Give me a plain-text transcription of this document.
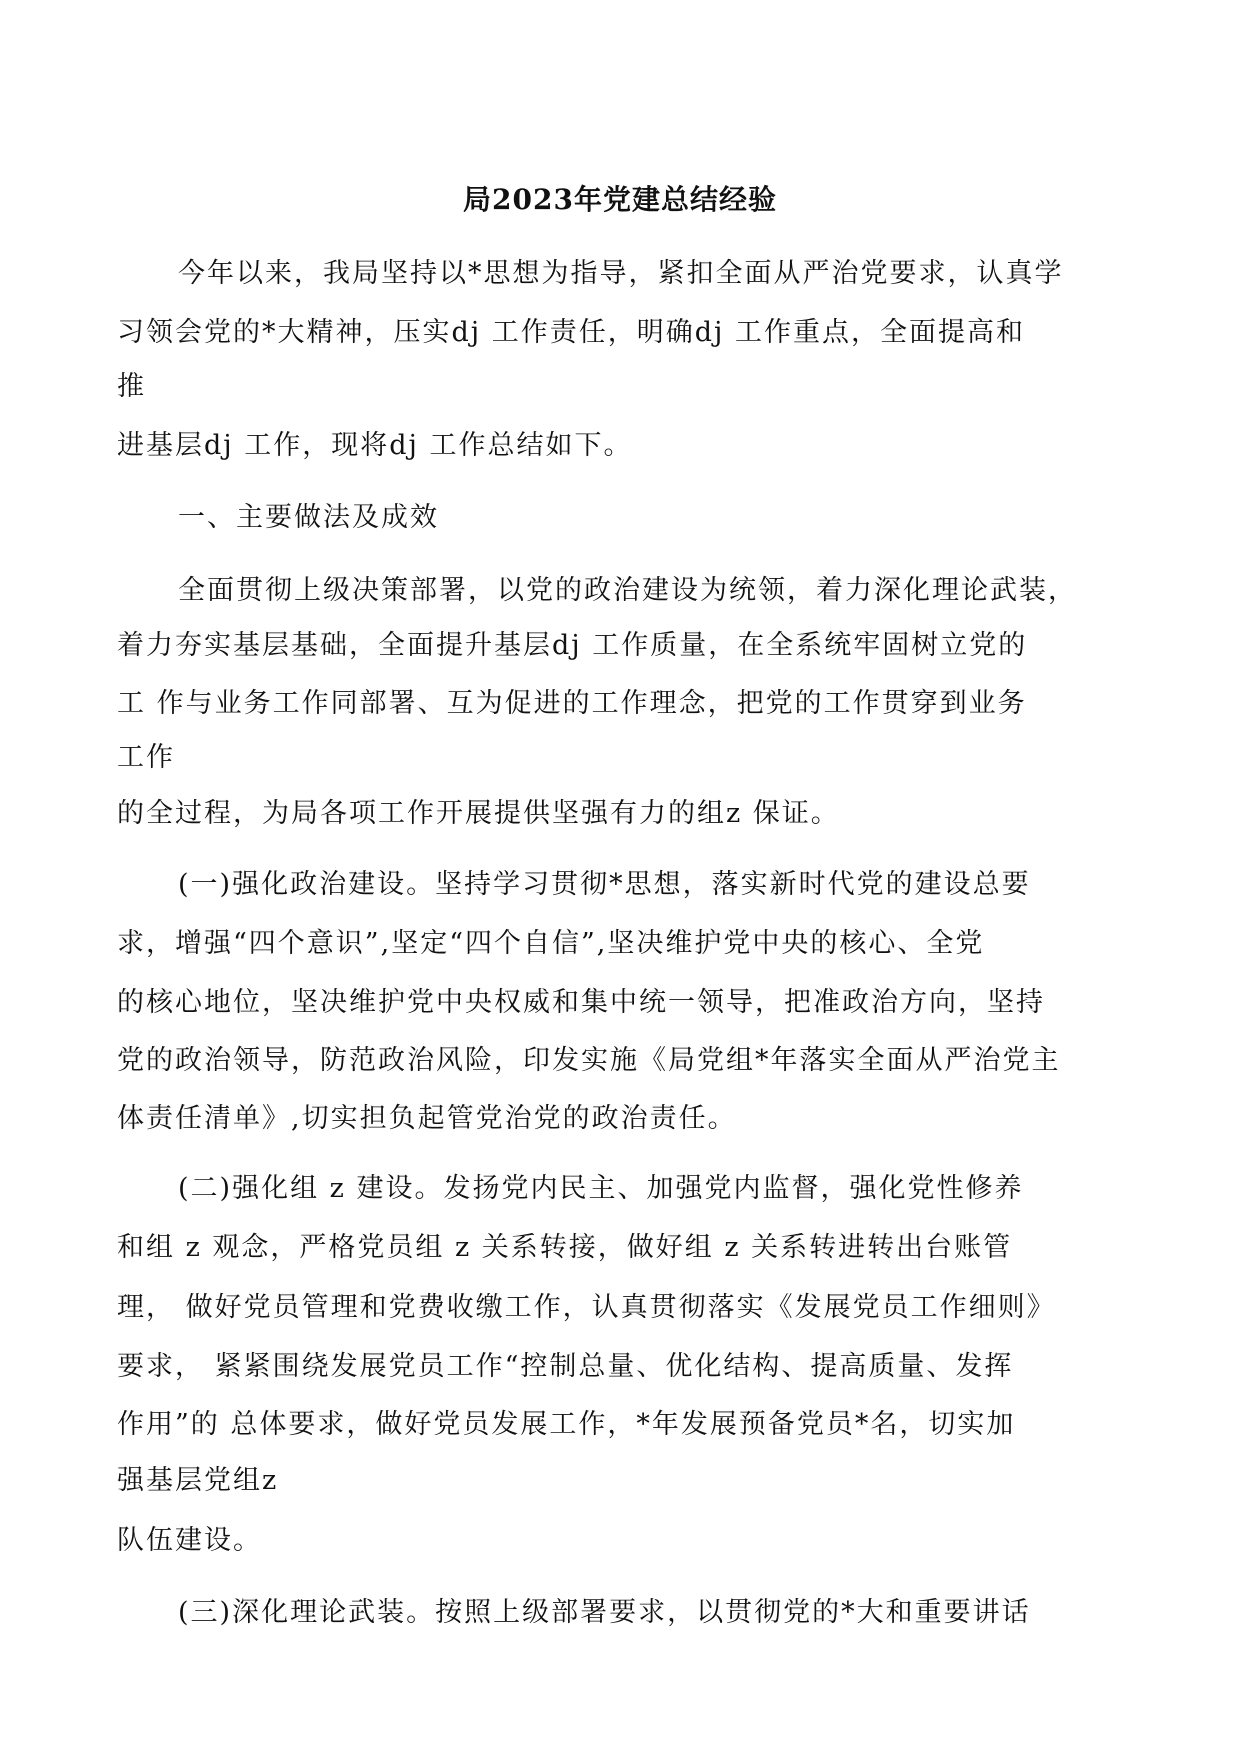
局2023年党建总结经验
今年以来，我局坚持以*思想为指导，紧扣全面从严治党要求，认真学
习领会党的*大精神，压实dj 工作责任，明确dj 工作重点，全面提高和
推
进基层dj 工作，现将dj 工作总结如下。
一、主要做法及成效
全面贯彻上级决策部署，以党的政治建设为统领，着力深化理论武装，
着力夯实基层基础，全面提升基层dj 工作质量，在全系统牢固树立党的
工 作与业务工作同部署、互为促进的工作理念，把党的工作贯穿到业务
工作
的全过程，为局各项工作开展提供坚强有力的组z 保证。
(一)强化政治建设。坚持学习贯彻*思想，落实新时代党的建设总要
求，增强“四个意识”,坚定“四个自信”,坚决维护党中央的核心、全党
的核心地位，坚决维护党中央权威和集中统一领导，把准政治方向，坚持
党的政治领导，防范政治风险，印发实施《局党组*年落实全面从严治党主
体责任清单》,切实担负起管党治党的政治责任。
(二)强化组 z 建设。发扬党内民主、加强党内监督，强化党性修养
和组 z 观念，严格党员组 z 关系转接，做好组 z 关系转进转出台账管
理， 做好党员管理和党费收缴工作，认真贯彻落实《发展党员工作细则》
要求， 紧紧围绕发展党员工作“控制总量、优化结构、提高质量、发挥
作用”的 总体要求，做好党员发展工作，*年发展预备党员*名，切实加
强基层党组z
队伍建设。
(三)深化理论武装。按照上级部署要求，以贯彻党的*大和重要讲话
